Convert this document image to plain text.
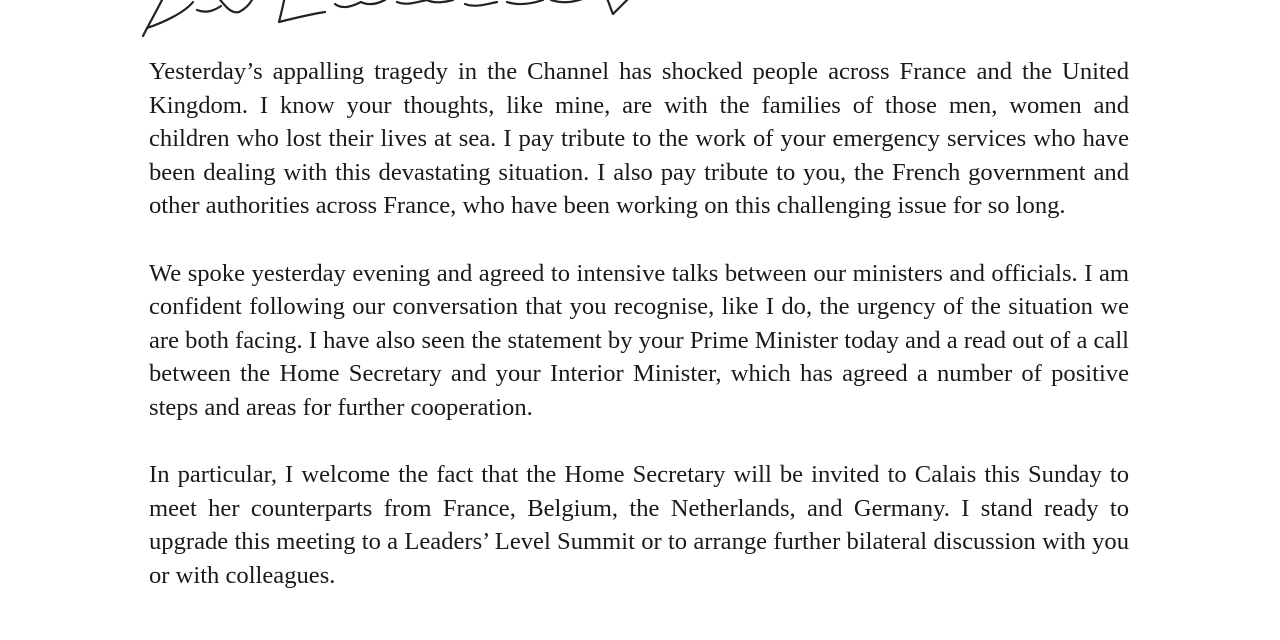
Yesterday’s appalling tragedy in the Channel has shocked people across France and the United Kingdom. I know your thoughts, like mine, are with the families of those men, women and children who lost their lives at sea. I pay tribute to the work of your emergency services who have been dealing with this devastating situation. I also pay tribute to you, the French government and other authorities across France, who have been working on this challenging issue for so long.

We spoke yesterday evening and agreed to intensive talks between our ministers and officials. I am confident following our conversation that you recognise, like I do, the urgency of the situation we are both facing. I have also seen the statement by your Prime Minister today and a read out of a call between the Home Secretary and your Interior Minister, which has agreed a number of positive steps and areas for further cooperation.

In particular, I welcome the fact that the Home Secretary will be invited to Calais this Sunday to meet her counterparts from France, Belgium, the Netherlands, and Germany. I stand ready to upgrade this meeting to a Leaders’ Level Summit or to arrange further bilateral discussion with you or with colleagues.
